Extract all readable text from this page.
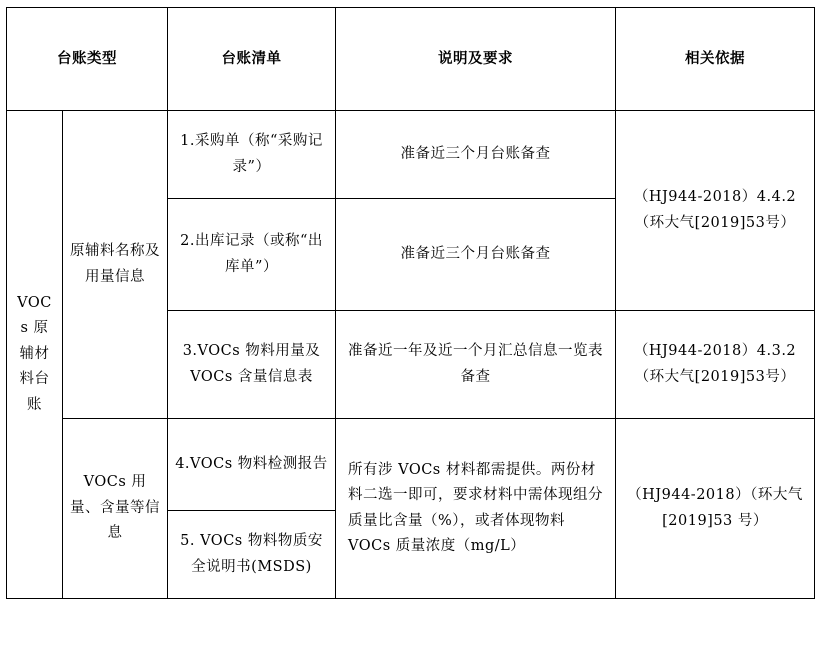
台账类型		台账清单	说明及要求	相关依据
VOCs 原辅材料台账	原辅料名称及用量信息	1.采购单（称“采购记录”）	准备近三个月台账备查	（HJ944-2018）4.4.2（环大气[2019]53号）
		2.出库记录（或称“出库单”）	准备近三个月台账备查	
		3.VOCs 物料用量及 VOCs 含量信息表	准备近一年及近一个月汇总信息一览表备查	（HJ944-2018）4.3.2（环大气[2019]53号）
	VOCs 用量、含量等信息	4.VOCs 物料检测报告	所有涉 VOCs 材料都需提供。两份材料二选一即可，要求材料中需体现组分质量比含量（%），或者体现物料 VOCs 质量浓度（mg/L）	（HJ944-2018）（环大气[2019]53 号）
		5. VOCs 物料物质安全说明书(MSDS)		
